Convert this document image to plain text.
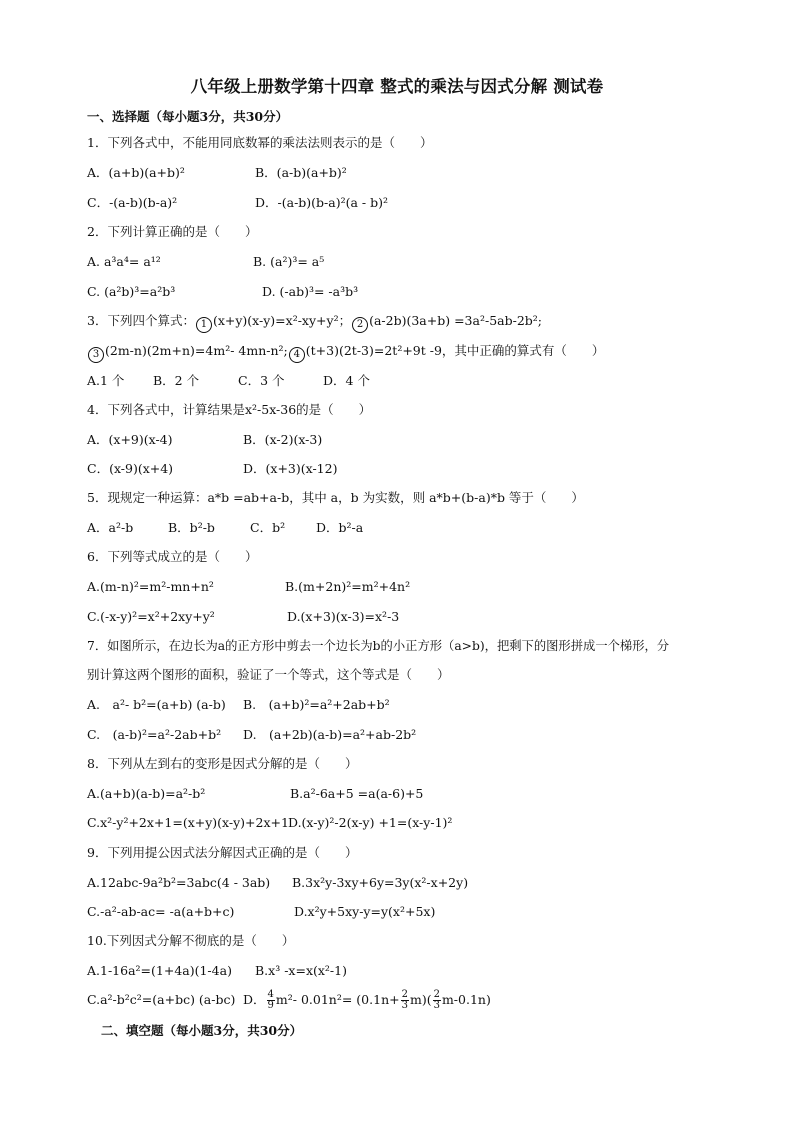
八年级上册数学第十四章 整式的乘法与因式分解 测试卷
一、选择题（每小题3分，共30分）
1．下列各式中，不能用同底数幂的乘法法则表示的是（　　）
A．(a+b)(a+b)²	B．(a-b)(a+b)²
C．-(a-b)(b-a)²	D．-(a-b)(b-a)²(a - b)²
2．下列计算正确的是（　　）
A. a³a⁴= a¹²	B. (a²)³= a⁵
C. (a²b)³=a²b³	D. (-ab)³= -a³b³
3．下列四个算式： 1 (x+y)(x-y)=x²-xy+y²； 2 (a-2b)(3a+b) =3a²-5ab-2b²;
3 (2m-n)(2m+n)=4m²- 4mn-n²; 4 (t+3)(2t-3)=2t²+9t -9，其中正确的算式有（　　）
A.1 个 B．2 个	C．3 个	D．4 个
4．下列各式中，计算结果是x²-5x-36的是（　　）
A．(x+9)(x-4)	B．(x-2)(x-3)
C．(x-9)(x+4)	D．(x+3)(x-12)
5．现规定一种运算：a*b =ab+a-b，其中 a，b 为实数，则 a*b+(b-a)*b 等于（　　）
A．a²-b	B．b²-b	C．b² D．b²-a
6．下列等式成立的是（　　）
A.(m-n)²=m²-mn+n²	B.(m+2n)²=m²+4n²
C.(-x-y)²=x²+2xy+y²	D.(x+3)(x-3)=x²-3
7．如图所示，在边长为a的正方形中剪去一个边长为b的小正方形（a>b)，把剩下的图形拼成一个梯形，分
别计算这两个图形的面积，验证了一个等式，这个等式是（　　）
A.　a²- b²=(a+b) (a-b) B.　(a+b)²=a²+2ab+b²
C.　(a-b)²=a²-2ab+b² D.　(a+2b)(a-b)=a²+ab-2b²
8．下列从左到右的变形是因式分解的是（　　）
A.(a+b)(a-b)=a²-b²	B.a²-6a+5 =a(a-6)+5
C.x²-y²+2x+1=(x+y)(x-y)+2x+1 D.(x-y)²-2(x-y) +1=(x-y-1)²
9．下列用提公因式法分解因式正确的是（　　）
A.12abc-9a²b²=3abc(4 - 3ab) B.3x²y-3xy+6y=3y(x²-x+2y)
C.-a²-ab-ac= -a(a+b+c)	D.x²y+5xy-y=y(x²+5x)
10.下列因式分解不彻底的是（　　）
A.1-16a²=(1+4a)(1-4a) B.x³ -x=x(x²-1)
C.a²-b²c²=(a+bc) (a-bc) D． $\frac{4}{9} m^2-$ $0.01n^2= (0.1n+ \frac{2}{3} m)( \frac{2}{3} m-0.1n)$
二、填空题（每小题3分，共30分）
